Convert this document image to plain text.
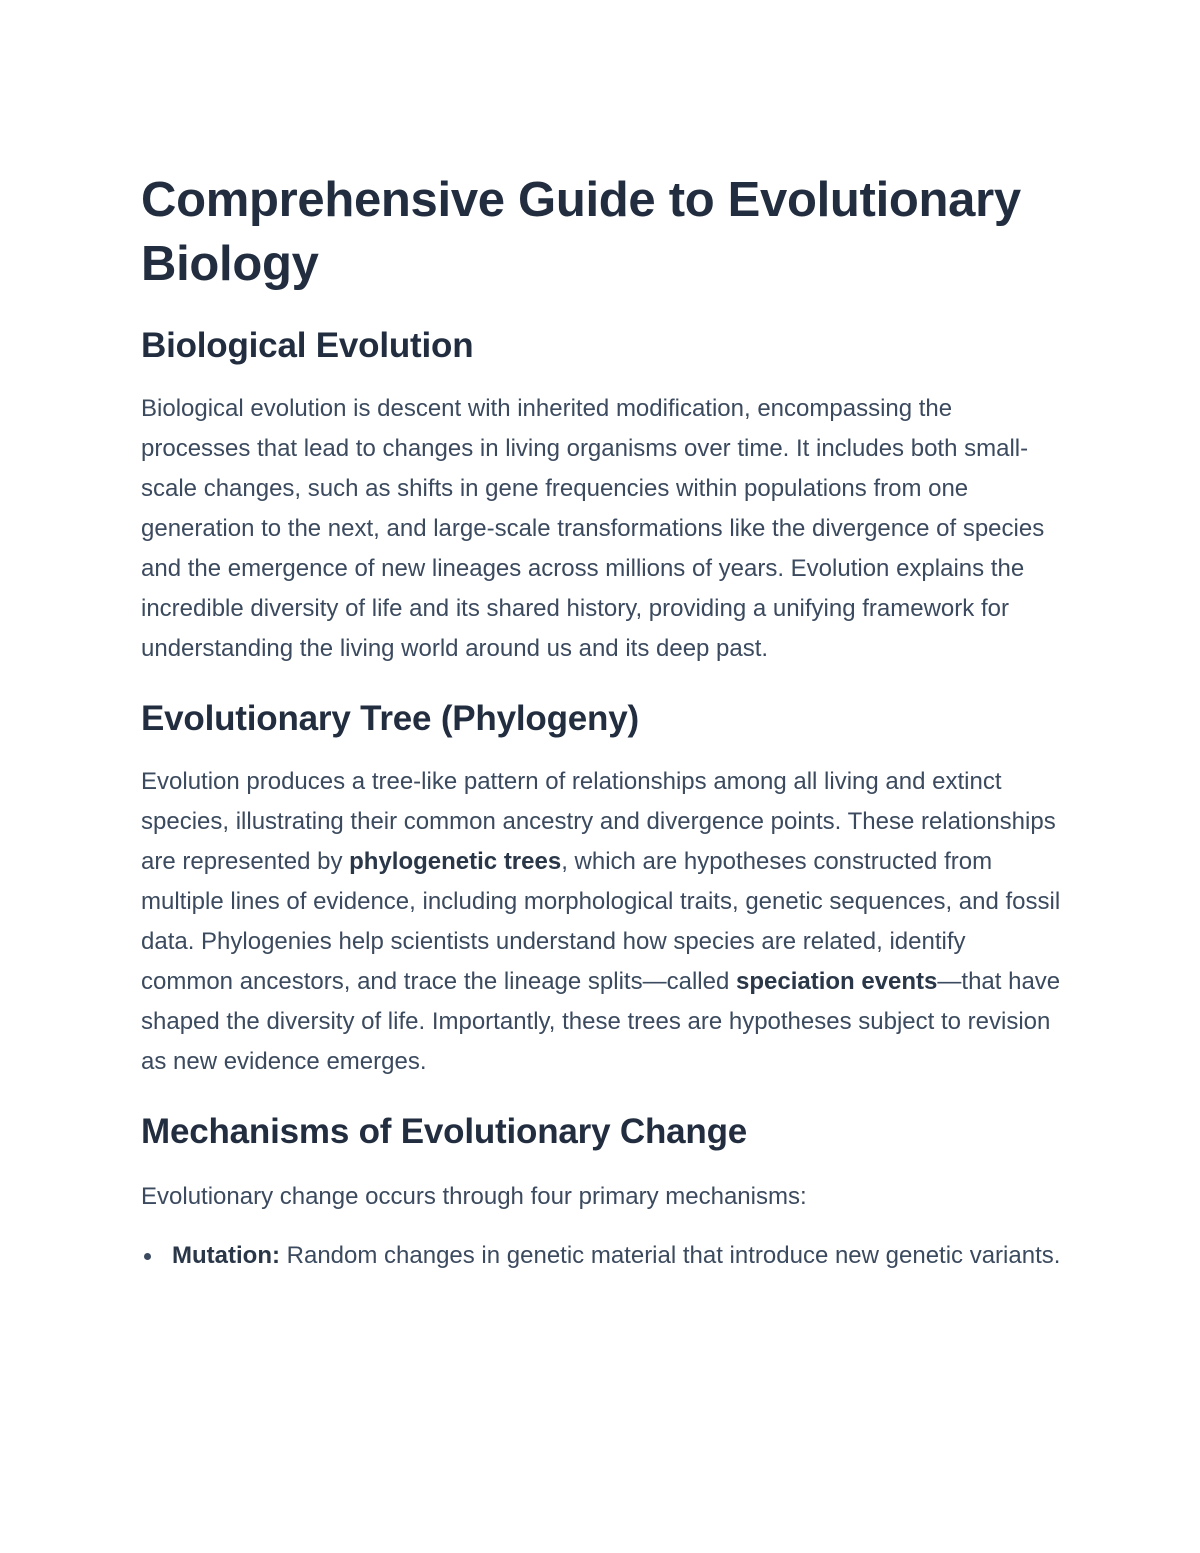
Comprehensive Guide to Evolutionary Biology
Biological Evolution

Biological evolution is descent with inherited modification, encompassing the processes that lead to changes in living organisms over time. It includes both small-scale changes, such as shifts in gene frequencies within populations from one generation to the next, and large-scale transformations like the divergence of species and the emergence of new lineages across millions of years. Evolution explains the incredible diversity of life and its shared history, providing a unifying framework for understanding the living world around us and its deep past.

Evolutionary Tree (Phylogeny)

Evolution produces a tree-like pattern of relationships among all living and extinct species, illustrating their common ancestry and divergence points. These relationships are represented by phylogenetic trees, which are hypotheses constructed from multiple lines of evidence, including morphological traits, genetic sequences, and fossil data. Phylogenies help scientists understand how species are related, identify common ancestors, and trace the lineage splits—called speciation events—that have shaped the diversity of life. Importantly, these trees are hypotheses subject to revision as new evidence emerges.

Mechanisms of Evolutionary Change

Evolutionary change occurs through four primary mechanisms:

Mutation: Random changes in genetic material that introduce new genetic variants.
